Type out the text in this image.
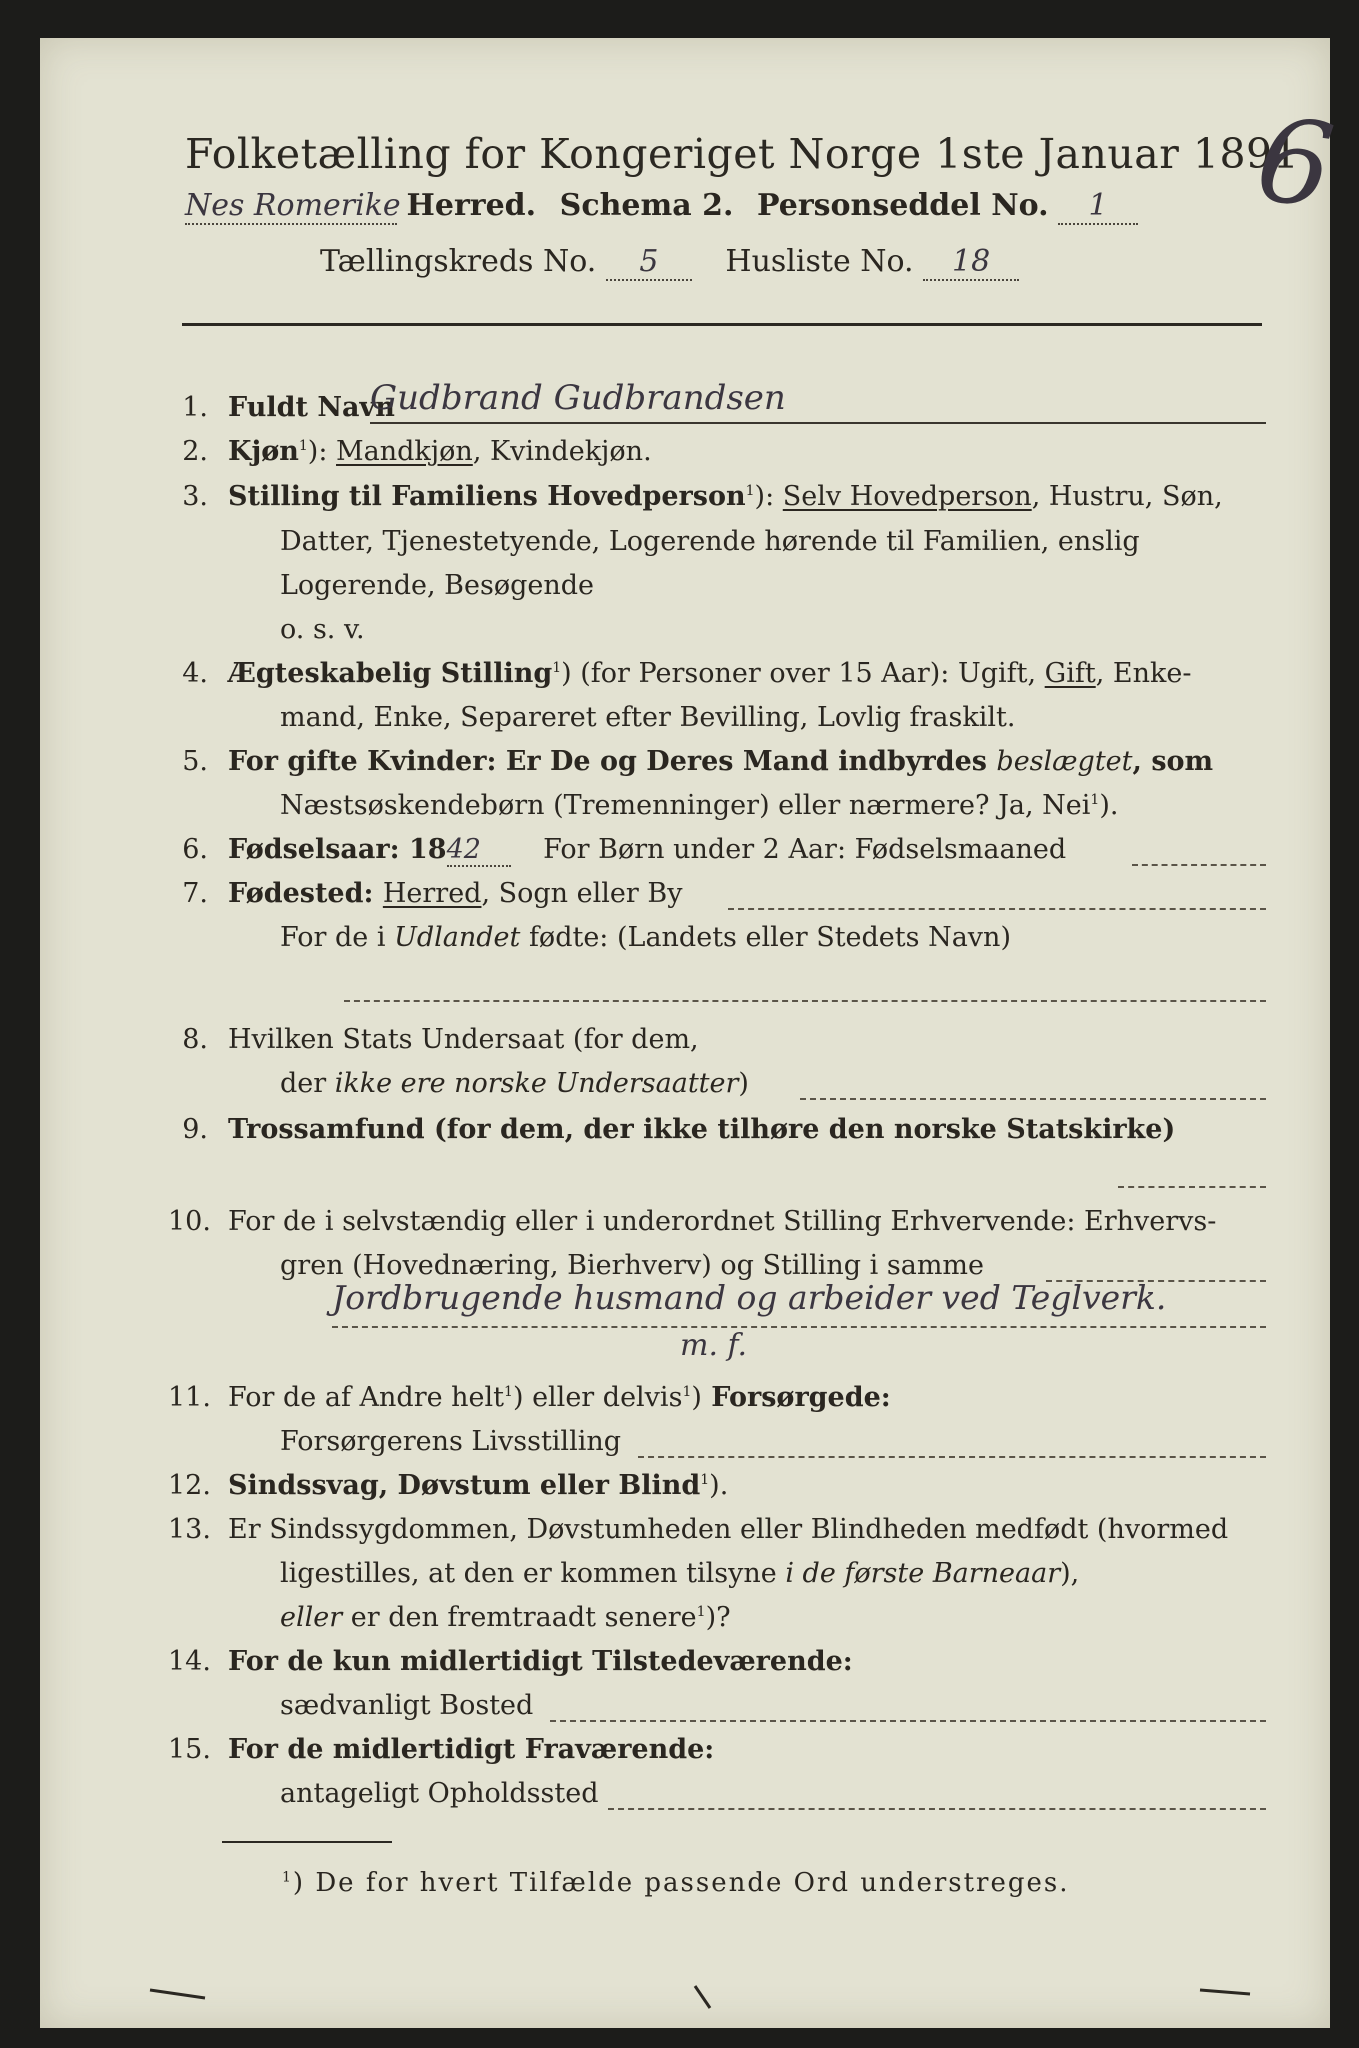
Folketælling for Kongeriget Norge 1ste Januar 1891
6
Nes Romerike Herred. Schema 2. Personseddel No. 1
Tællingskreds No. 5 Husliste No. 18
1. Fuldt Navn
Gudbrand Gudbrandsen
2. Kjøn$^1$): Mandkjøn, Kvindekjøn.
3. Stilling til Familiens Hovedperson$^1$): Selv Hovedperson, Hustru, Søn,
Datter, Tjenestetyende, Logerende hørende til Familien, enslig
Logerende, Besøgende
o. s. v.
4. Ægteskabelig Stilling$^1$) (for Personer over 15 Aar): Ugift, Gift, Enke-
mand, Enke, Separeret efter Bevilling, Lovlig fraskilt.
5. For gifte Kvinder: Er De og Deres Mand indbyrdes beslægtet, som
Næstsøskendebørn (Tremenninger) eller nærmere? Ja, Nei$^1$).
6. Fødselsaar: 1842 For Børn under 2 Aar: Fødselsmaaned
7. Fødested: Herred, Sogn eller By
For de i Udlandet fødte: (Landets eller Stedets Navn)
8. Hvilken Stats Undersaat (for dem,
der ikke ere norske Undersaatter)
9. Trossamfund (for dem, der ikke tilhøre den norske Statskirke)
10. For de i selvstændig eller i underordnet Stilling Erhvervende: Erhvervs-
gren (Hovednæring, Bierhverv) og Stilling i samme
Jordbrugende husmand og arbeider ved Teglverk.
m. f.
11. For de af Andre helt$^1$) eller delvis$^1$) Forsørgede:
Forsørgerens Livsstilling
12. Sindssvag, Døvstum eller Blind$^1$).
13. Er Sindssygdommen, Døvstumheden eller Blindheden medfødt (hvormed
ligestilles, at den er kommen tilsyne i de første Barneaar),
eller er den fremtraadt senere$^1$)?
14. For de kun midlertidigt Tilstedeværende:
sædvanligt Bosted
15. For de midlertidigt Fraværende:
antageligt Opholdssted
$^1$) De for hvert Tilfælde passende Ord understreges.
